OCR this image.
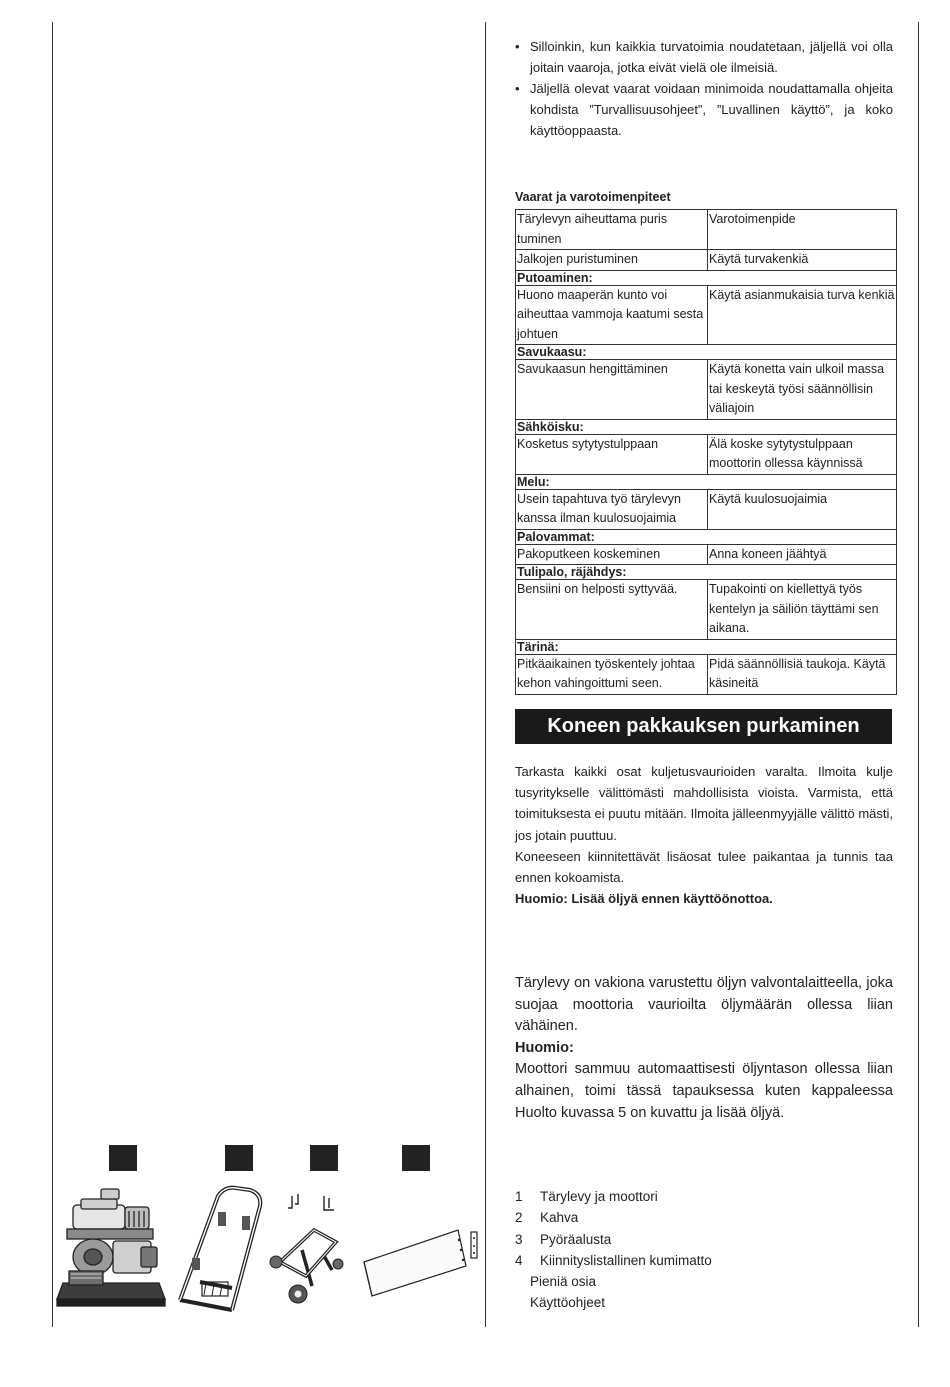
• Silloinkin, kun kaikkia turvatoimia noudatetaan, jäljellä voi olla joitain vaaroja, jotka eivät vielä ole ilmeisiä.
• Jäljellä olevat vaarat voidaan minimoida noudattamalla ohjeita kohdista ”Turvallisuusohjeet”, ”Luvallinen käyttö”, ja koko käyttöoppaasta.
Vaarat ja varotoimenpiteet
Tärylevyn aiheuttama puris tuminen	Varotoimenpide
Jalkojen puristuminen	Käytä turvakenkiä
Putoaminen:	
Huono maaperän kunto voi aiheuttaa vammoja kaatumi sesta johtuen	Käytä asianmukaisia turva kenkiä
Savukaasu:	
Savukaasun hengittäminen	Käytä konetta vain ulkoil massa tai keskeytä työsi säännöllisin väliajoin
Sähköisku:	
Kosketus sytytystulppaan	Älä koske sytytystulppaan moottorin ollessa käynnissä
Melu:	
Usein tapahtuva työ tärylevyn kanssa ilman kuulosuojaimia	Käytä kuulosuojaimia
Palovammat:	
Pakoputkeen koskeminen	Anna koneen jäähtyä
Tulipalo, räjähdys:	
Bensiini on helposti syttyvää.	Tupakointi on kiellettyä työs kentelyn ja säiliön täyttämi sen aikana.
Tärinä:	
Pitkäaikainen työskentely johtaa kehon vahingoittumi seen.	Pidä säännöllisiä taukoja. Käytä käsineitä
Koneen pakkauksen purkaminen

Tarkasta kaikki osat kuljetusvaurioiden varalta. Ilmoita kulje tusyritykselle välittömästi mahdollisista vioista. Varmista, että toimituksesta ei puutu mitään. Ilmoita jälleenmyyjälle välittö mästi, jos jotain puuttuu.

Koneeseen kiinnitettävät lisäosat tulee paikantaa ja tunnis taa ennen kokoamista.

Huomio: Lisää öljyä ennen käyttöönottoa.

Tärylevy on vakiona varustettu öljyn valvontalaitteella, joka suojaa moottoria vaurioilta öljymäärän ollessa liian vähäinen.

Huomio:

Moottori sammuu automaattisesti öljyntason ollessa liian alhainen, toimi tässä tapauksessa kuten kappaleessa Huolto kuvassa 5 on kuvattu ja lisää öljyä.

1 Tärylevy ja moottori
2 Kahva
3 Pyöräalusta
4 Kiinnityslistallinen kumimatto
Pieniä osia
Käyttöohjeet
